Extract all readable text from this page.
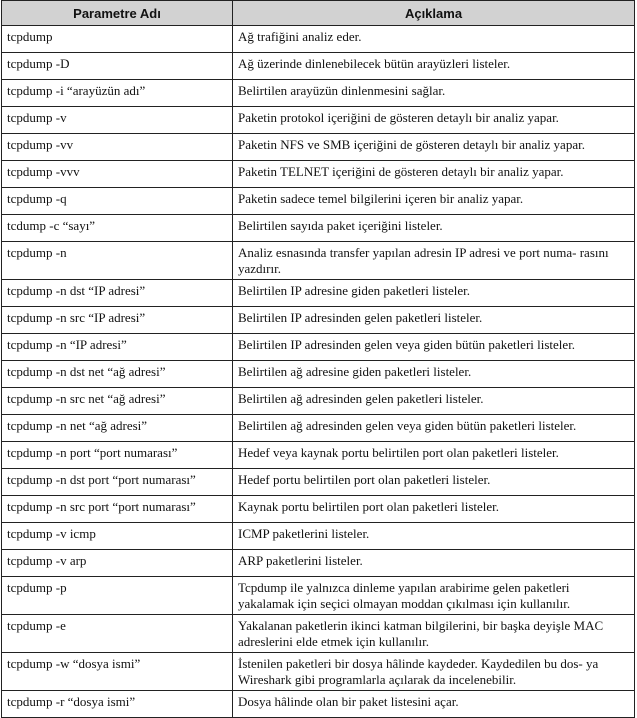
Parametre Adı	Açıklama
tcpdump	Ağ trafiğini analiz eder.
tcpdump -D	Ağ üzerinde dinlenebilecek bütün arayüzleri listeler.
tcpdump -i “arayüzün adı”	Belirtilen arayüzün dinlenmesini sağlar.
tcpdump -v	Paketin protokol içeriğini de gösteren detaylı bir analiz yapar.
tcpdump -vv	Paketin NFS ve SMB içeriğini de gösteren detaylı bir analiz yapar.
tcpdump -vvv	Paketin TELNET içeriğini de gösteren detaylı bir analiz yapar.
tcpdump -q	Paketin sadece temel bilgilerini içeren bir analiz yapar.
tcdump -c “sayı”	Belirtilen sayıda paket içeriğini listeler.
tcpdump -n	Analiz esnasında transfer yapılan adresin IP adresi ve port numa- rasını yazdırır.
tcpdump -n dst “IP adresi”	Belirtilen IP adresine giden paketleri listeler.
tcpdump -n src “IP adresi”	Belirtilen IP adresinden gelen paketleri listeler.
tcpdump -n “IP adresi”	Belirtilen IP adresinden gelen veya giden bütün paketleri listeler.
tcpdump -n dst net “ağ adresi”	Belirtilen ağ adresine giden paketleri listeler.
tcpdump -n src net “ağ adresi”	Belirtilen ağ adresinden gelen paketleri listeler.
tcpdump -n net “ağ adresi”	Belirtilen ağ adresinden gelen veya giden bütün paketleri listeler.
tcpdump -n port “port numarası”	Hedef veya kaynak portu belirtilen port olan paketleri listeler.
tcpdump -n dst port “port numarası”	Hedef portu belirtilen port olan paketleri listeler.
tcpdump -n src port “port numarası”	Kaynak portu belirtilen port olan paketleri listeler.
tcpdump -v icmp	ICMP paketlerini listeler.
tcpdump -v arp	ARP paketlerini listeler.
tcpdump -p	Tcpdump ile yalnızca dinleme yapılan arabirime gelen paketleri yakalamak için seçici olmayan moddan çıkılması için kullanılır.
tcpdump -e	Yakalanan paketlerin ikinci katman bilgilerini, bir başka deyişle MAC adreslerini elde etmek için kullanılır.
tcpdump -w “dosya ismi”	İstenilen paketleri bir dosya hâlinde kaydeder. Kaydedilen bu dos- ya Wireshark gibi programlarla açılarak da incelenebilir.
tcpdump -r “dosya ismi”	Dosya hâlinde olan bir paket listesini açar.
